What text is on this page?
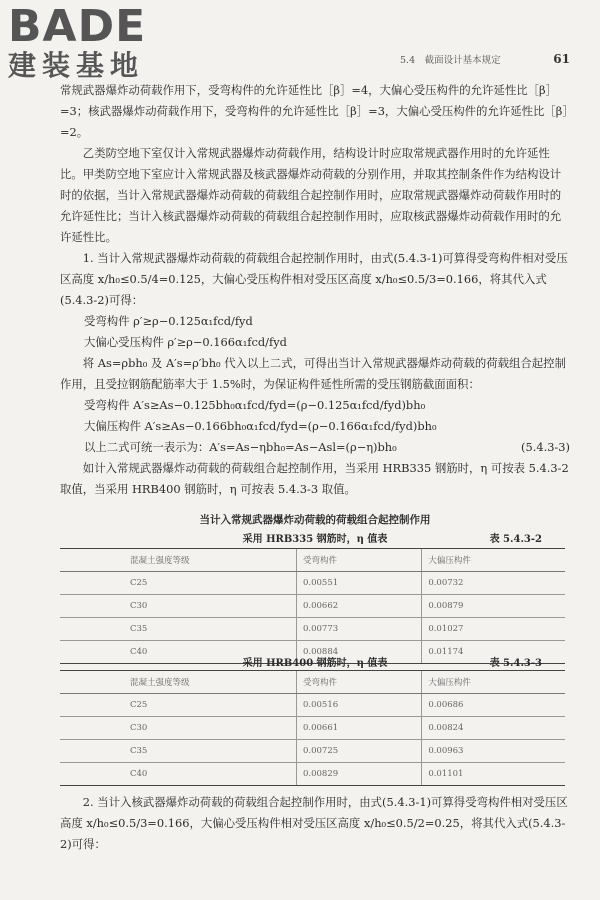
BADE
建装基地	5.4　截面设计基本规定	61

常规武器爆炸动荷载作用下，受弯构件的允许延性比［β］=4，大偏心受压构件的允许延性比［β］=3；核武器爆炸动荷载作用下，受弯构件的允许延性比［β］=3，大偏心受压构件的允许延性比［β］=2。

乙类防空地下室仅计入常规武器爆炸动荷载作用，结构设计时应取常规武器作用时的允许延性比。甲类防空地下室应计入常规武器及核武器爆炸动荷载的分别作用，并取其控制条件作为结构设计时的依据，当计入常规武器爆炸动荷载的荷载组合起控制作用时，应取常规武器爆炸动荷载作用时的允许延性比；当计入核武器爆炸动荷载的荷载组合起控制作用时，应取核武器爆炸动荷载作用时的允许延性比。

1. 当计入常规武器爆炸动荷载的荷载组合起控制作用时，由式(5.4.3-1)可算得受弯构件相对受压区高度 x/h₀≤0.5/4=0.125，大偏心受压构件相对受压区高度 x/h₀≤0.5/3=0.166，将其代入式(5.4.3-2)可得：

受弯构件 ρ′≥ρ−0.125α₁fcd/fyd

大偏心受压构件 ρ′≥ρ−0.166α₁fcd/fyd

将 As=ρbh₀ 及 A′s=ρ′bh₀ 代入以上二式，可得出当计入常规武器爆炸动荷载的荷载组合起控制作用，且受拉钢筋配筋率大于 1.5%时，为保证构件延性所需的受压钢筋截面面积：

受弯构件 A′s≥As−0.125bh₀α₁fcd/fyd=(ρ−0.125α₁fcd/fyd)bh₀

大偏压构件 A′s≥As−0.166bh₀α₁fcd/fyd=(ρ−0.166α₁fcd/fyd)bh₀

以上二式可统一表示为：A′s=As−ηbh₀=As−Asl=(ρ−η)bh₀	(5.4.3-3)

如计入常规武器爆炸动荷载的荷载组合起控制作用，当采用 HRB335 钢筋时，η 可按表 5.4.3-2 取值，当采用 HRB400 钢筋时，η 可按表 5.4.3-3 取值。

当计入常规武器爆炸动荷载的荷载组合起控制作用
采用 HRB335 钢筋时，η 值表	表 5.4.3-2
混凝土强度等级	受弯构件	大偏压构件
C25	0.00551	0.00732
C30	0.00662	0.00879
C35	0.00773	0.01027
C40	0.00884	0.01174
采用 HRB400 钢筋时，η 值表	表 5.4.3-3
混凝土强度等级	受弯构件	大偏压构件
C25	0.00516	0.00686
C30	0.00661	0.00824
C35	0.00725	0.00963
C40	0.00829	0.01101

2. 当计入核武器爆炸动荷载的荷载组合起控制作用时，由式(5.4.3-1)可算得受弯构件相对受压区高度 x/h₀≤0.5/3=0.166，大偏心受压构件相对受压区高度 x/h₀≤0.5/2=0.25，将其代入式(5.4.3-2)可得：
